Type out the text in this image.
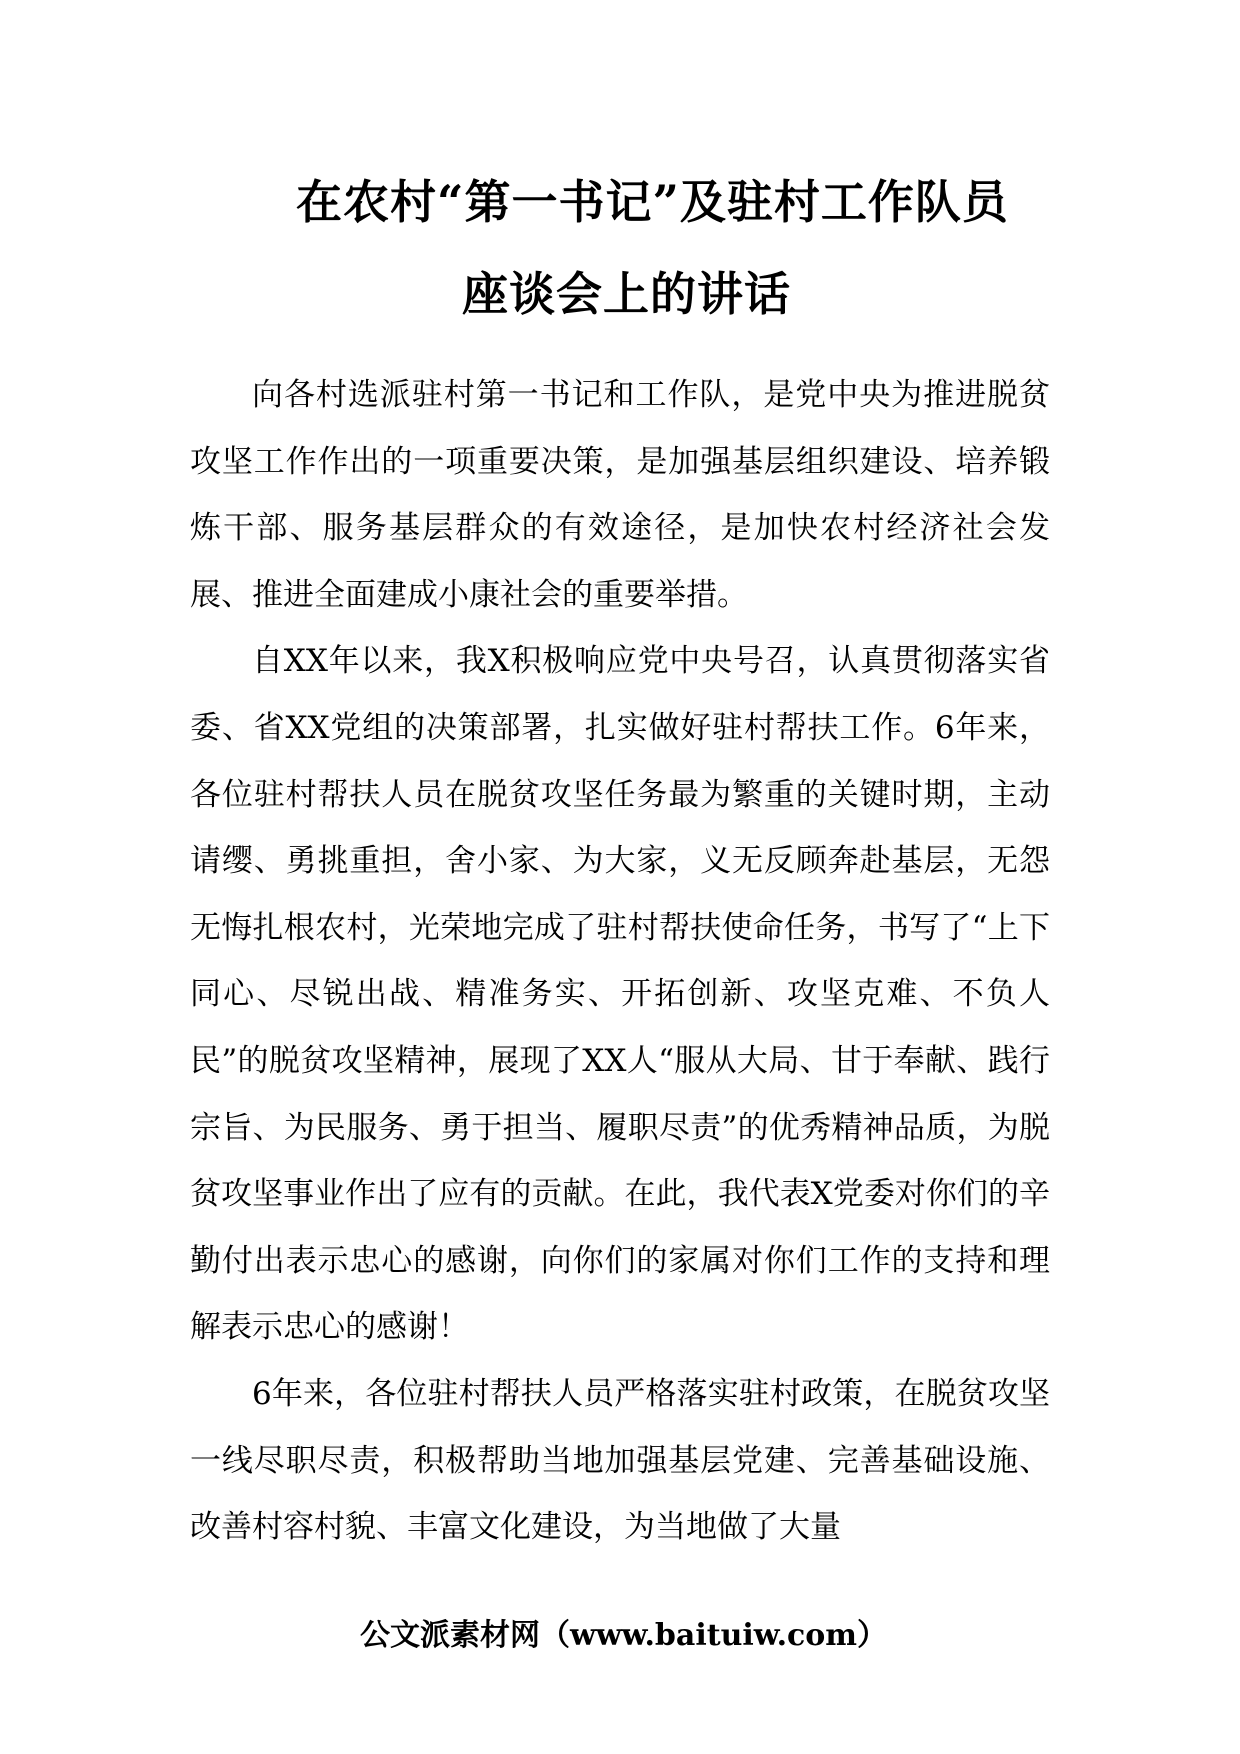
在农村“第一书记”及驻村工作队员
座谈会上的讲话

向各村选派驻村第一书记和工作队，是党中央为推进脱贫攻坚工作作出的一项重要决策，是加强基层组织建设、培养锻炼干部、服务基层群众的有效途径，是加快农村经济社会发展、推进全面建成小康社会的重要举措。

自XX年以来，我X积极响应党中央号召，认真贯彻落实省委、省XX党组的决策部署，扎实做好驻村帮扶工作。6年来，各位驻村帮扶人员在脱贫攻坚任务最为繁重的关键时期，主动请缨、勇挑重担，舍小家、为大家，义无反顾奔赴基层，无怨无悔扎根农村，光荣地完成了驻村帮扶使命任务，书写了“上下同心、尽锐出战、精准务实、开拓创新、攻坚克难、不负人民”的脱贫攻坚精神，展现了XX人“服从大局、甘于奉献、践行宗旨、为民服务、勇于担当、履职尽责”的优秀精神品质，为脱贫攻坚事业作出了应有的贡献。在此，我代表X党委对你们的辛勤付出表示忠心的感谢，向你们的家属对你们工作的支持和理解表示忠心的感谢！

6年来，各位驻村帮扶人员严格落实驻村政策，在脱贫攻坚一线尽职尽责，积极帮助当地加强基层党建、完善基础设施、改善村容村貌、丰富文化建设，为当地做了大量

公文派素材网（www.baituiw.com）
